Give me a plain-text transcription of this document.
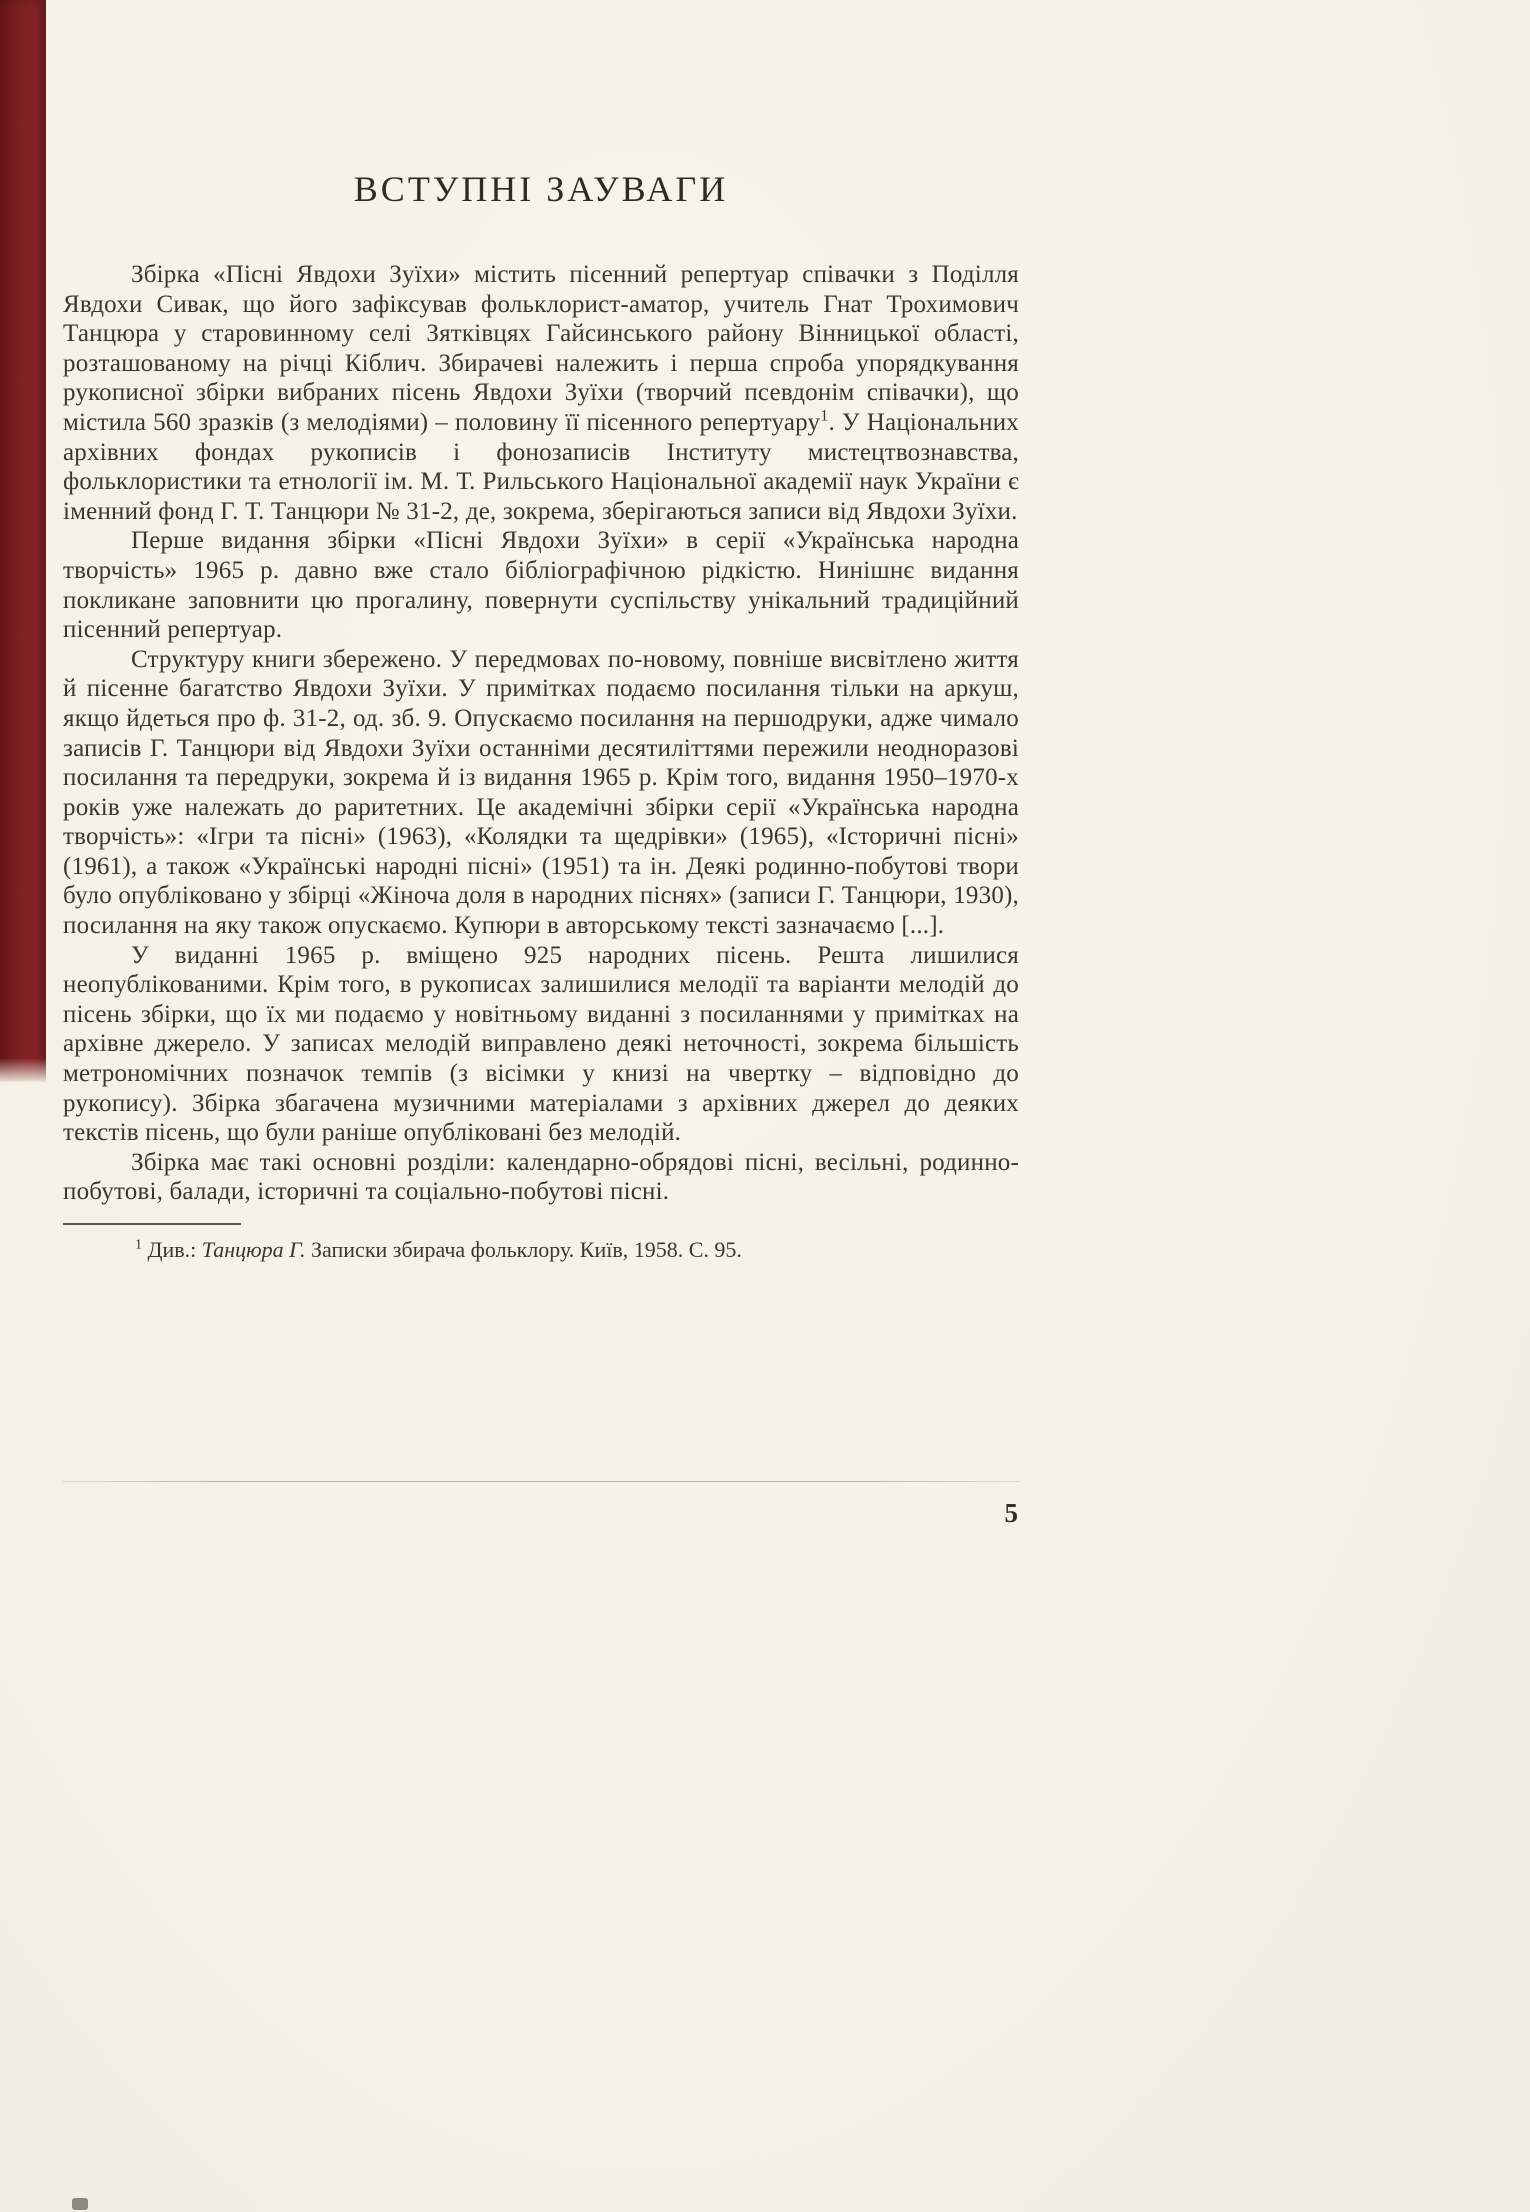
ВСТУПНІ ЗАУВАГИ

Збірка «Пісні Явдохи Зуїхи» містить пісенний репертуар співачки з Поділля Явдохи Сивак, що його зафіксував фольклорист-аматор, учитель Гнат Трохимович Танцюра у старовинному селі Зятківцях Гайсинського району Вінницької області, розташованому на річці Кіблич. Збирачеві належить і перша спроба упорядкування рукописної збірки вибраних пісень Явдохи Зуїхи (творчий псевдонім співачки), що містила 560 зразків (з мелодіями) – половину її пісенного репертуару$^1$. У Національних архівних фондах рукописів і фонозаписів Інституту мистецтвознавства, фольклористики та етнології ім. М. Т. Рильського Національної академії наук України є іменний фонд Г. Т. Танцюри № 31-2, де, зокрема, зберігаються записи від Явдохи Зуїхи.

Перше видання збірки «Пісні Явдохи Зуїхи» в серії «Українська народна творчість» 1965 р. давно вже стало бібліографічною рідкістю. Нинішнє видання покликане заповнити цю прогалину, повернути суспільству унікальний традиційний пісенний репертуар.

Структуру книги збережено. У передмовах по-новому, повніше висвітлено життя й пісенне багатство Явдохи Зуїхи. У примітках подаємо посилання тільки на аркуш, якщо йдеться про ф. 31-2, од. зб. 9. Опускаємо посилання на першодруки, адже чимало записів Г. Танцюри від Явдохи Зуїхи останніми десятиліттями пережили неодноразові посилання та передруки, зокрема й із видання 1965 р. Крім того, видання 1950–1970-х років уже належать до раритетних. Це академічні збірки серії «Українська народна творчість»: «Ігри та пісні» (1963), «Колядки та щедрівки» (1965), «Історичні пісні» (1961), а також «Українські народні пісні» (1951) та ін. Деякі родинно-побутові твори було опубліковано у збірці «Жіноча доля в народних піснях» (записи Г. Танцюри, 1930), посилання на яку також опускаємо. Купюри в авторському тексті зазначаємо [...].

У виданні 1965 р. вміщено 925 народних пісень. Решта лишилися неопублікованими. Крім того, в рукописах залишилися мелодії та варіанти мелодій до пісень збірки, що їх ми подаємо у новітньому виданні з посиланнями у примітках на архівне джерело. У записах мелодій виправлено деякі неточності, зокрема більшість метрономічних позначок темпів (з вісімки у книзі на чвертку – відповідно до рукопису). Збірка збагачена музичними матеріалами з архівних джерел до деяких текстів пісень, що були раніше опубліковані без мелодій.

Збірка має такі основні розділи: календарно-обрядові пісні, весільні, родинно-побутові, балади, історичні та соціально-побутові пісні.

$^1$ Див.: Танцюра Г. Записки збирача фольклору. Київ, 1958. С. 95.

5
